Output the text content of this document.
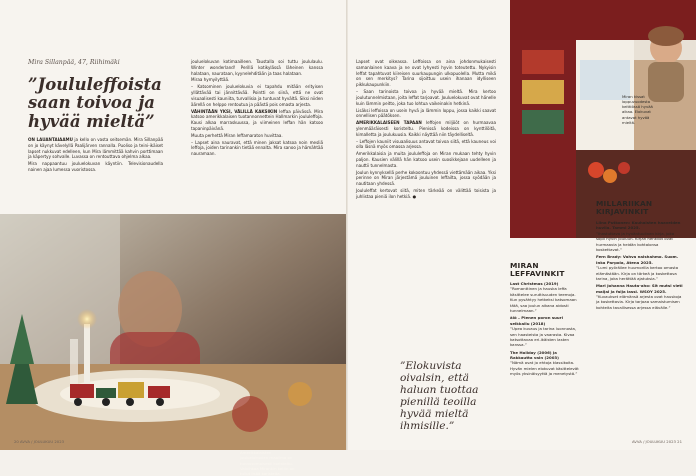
Mira Sillanpää, 47, Riihimäki
”Joululeffoista saan toivoa ja hyvää mieltä”

ON LAUANTAIAAMU ja kello on vasta seitsemän. Mira Sillanpää on jo käynyt kävelyllä Paalijärven rannalla. Puoliso ja teini-ikäiset lapset nukkuvat edelleen, kun Mira lämmittää kahvin porttimaan ja käpertyy sohvalle. Luvassa on rentouttava ohjelma alkaa.

Mira nappaantuu jouluelokuvan käyntiin. Televisionaudella nainen ajaa lumessa vuoristossa.

jouluelokuvan kotimaailleen. Taustalla soi tuttu joululaulu. Winter wonderland! Perillä kotikylässä läheinen kanssa halataan, naurataan, kyynelehditään ja taas halataan.

Miraa hymyilyttää.

– Katsominen jouluelokuvia ei tapahdu mitään erityisen yllättävää tai jännittävää. Pointti on siinä, että ne ovat visuaalisesti kauniita, turvallisia ja tuntuvat hyvältä. Siksi niiden äärellä on helppo rentoutua ja päästä pois omasta arjesta.

VÄHINTÄÄN YKSI, VÄLILLÄ KAKSIKIN leffaa päivässä. Mira katsoo amerikkalaisen tuotannonnettein Hallmarkin joululeffoja. Kausi alkaa marraskuussa, ja viimeinen leffan hän katsoo tapaninpäivänä.

Muuta perhettä Miran leffamaraton huvittaa.

– Lapset aina nauravat, että minen jaksat katsoa noin mesliä leffoja, joiden tarinankin tietää ennalta. Mira sanoo ja hämähtää nauramaan.

Amerikkalaisten jouluelokuvien maailma on tunnusomaisesti koristeltu. Valvihkaa Mirankin kotiin on tullut lisää koristeita.
20 AVVA / JOULUKUU 2023

Lapset ovat oikeassa. Leffoissa on aina johdonmukaisesti samanlainen kaava ja ne ovat lyhyesti hyvin toteutettu. Nykyisin leffat tapahtuvat kiireisen suurkaupungin ulkopuolella. Mutta mikä on sen merkitys? Tarina sijoittuu usein ihanaan idylliseen pikkukaupunkiin.

– Saan tarinoista toivoa ja hyvää mieltä. Mira kertoo joulutunnelmistaan, joita leffat tarjoavat. Jouluelokuvat ovat hänelle kuin lämmin peitto, joka tuo lohtua vaikeinakin hetkinä.

Lisäksi leffoissa on usein hyvä ja lämmin loppu, jossa kaikki saavat onnellisen päätöksen.

AMERIKKALAISEEN TAPAAN leffojen miljööt on hurmaavaa ylenmääräisesti koristeltu. Pienissä kodeissa on kynttilöitä, kimalletta ja joulukuusia. Kaikki näyttää niin täydelliseltä.

– Leffojen kauniit visuaalisuus antavat toivoa siitä, että kauneus voi olla läsnä myös omassa arjessa.

Amerikkalaisia ja muita joululeffoja on Miran mukaan tehty hyvin paljon. Kausien välillä hän katsoo usein suosikkejaan uudelleen ja nauttii tunnelmasta.

Joulun kynnyksellä perhe kokoontuu yhdessä viettämään aikaa. Yksi perinne on Miran järjestämä jouluinen leffailta, jossa syödään ja nautitaan yhdessä.

Joululeffat kertovat siitä, miten tärkeää on välittää toisista ja juhlistaa pieniä ilon hetkiä. ●

”Elokuvista oivalsin, että haluan tuottaa pienillä teoilla hyvää mieltä ihmisille.”
Miran kissat loppuvuodesta keittiössä hyvää aikaa. Elokuvat antavat hyvää mieltä.
MIRAN LEFFAVINKIT
Last Christmas (2019)
”Romanttinen ja hauska leffa käsittelee suruttisuuden teemoja. Kun pysähtyy hetkeksi katsomaan tätä, saa joulun aikana aidosti tunnelmaan.”
älö – Pienen poron suuri seikkailu (2018)
”Upea kuvaus ja tarina luonnosta, sen haasteista ja vaarasta. Kivaa katsottavaa eri-ikäisten lasten kanssa.”
The Holiday (2006) ja Rakkautta vain (2003)
”Nämä ovat jo ehtoja klassikoita. Hyvän mielen elokuvat käsittelevät myös yksinäisyyttä ja menetystä.”
MILLARIIKAN KIRJAVINKIT
Liina Putkonen: Kauhaisten haaveiden huvila. Tammi 2025.
”Ihastuttava ja hyväntuulinen kirja, joka sopii hyvin jouluun. Kirjan henkilöt ovat hurmaavia ja heidän kohtalonsa koskettavat.”
Fern Brady: Vahva naishahmo. Suom. Inka Parpola, Atena 2025.
”Lumi pyöräilee huumorilla kertoo omasta elämästään. Kirja on tärkeä ja koskettava tarina, joka herättää ajatuksia.”
Mari Johanna Hauta-aho: Sit mutsi vieti maijai ja faija lassi. WSOY 2025.
”Kuvaukset elämänsä arjesta ovat hauskoja ja koskettavia. Kirja tarjoaa samaistumisen kohteita tavallisessa arjessa elävälle.”
AVVA / JOULUKUU 2023 21
